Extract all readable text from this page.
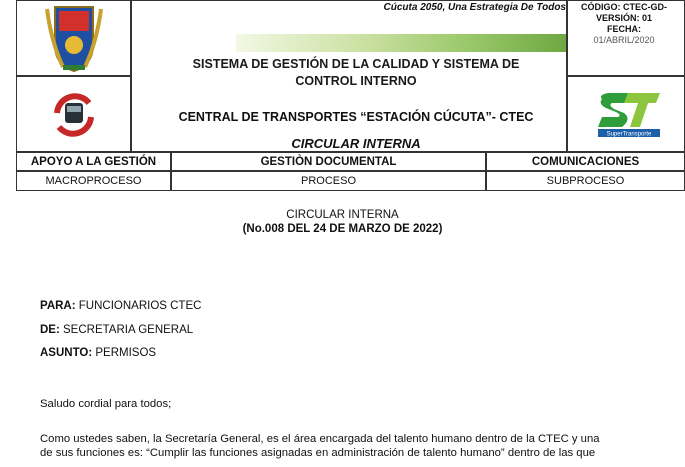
Cúcuta 2050, Una Estrategia De Todos
SISTEMA DE GESTIÓN DE LA CALIDAD Y SISTEMA DE
CONTROL INTERNO
CENTRAL DE TRANSPORTES “ESTACIÓN CÚCUTA”- CTEC
CIRCULAR INTERNA
CÓDIGO: CTEC-GD-
VERSIÓN: 01
FECHA:
01/ABRIL/2020
SuperTransporte
APOYO A LA GESTIÓN	GESTIÒN DOCUMENTAL	COMUNICACIONES
MACROPROCESO	PROCESO	SUBPROCESO
CIRCULAR INTERNA
(No.008 DEL 24 DE MARZO DE 2022)
PARA: FUNCIONARIOS CTEC
DE: SECRETARIA GENERAL
ASUNTO: PERMISOS
Saludo cordial para todos;
Como ustedes saben, la Secretaría General, es el área encargada del talento humano dentro de la CTEC y una
de sus funciones es: “Cumplir las funciones asignadas en administración de talento humano” dentro de las que
